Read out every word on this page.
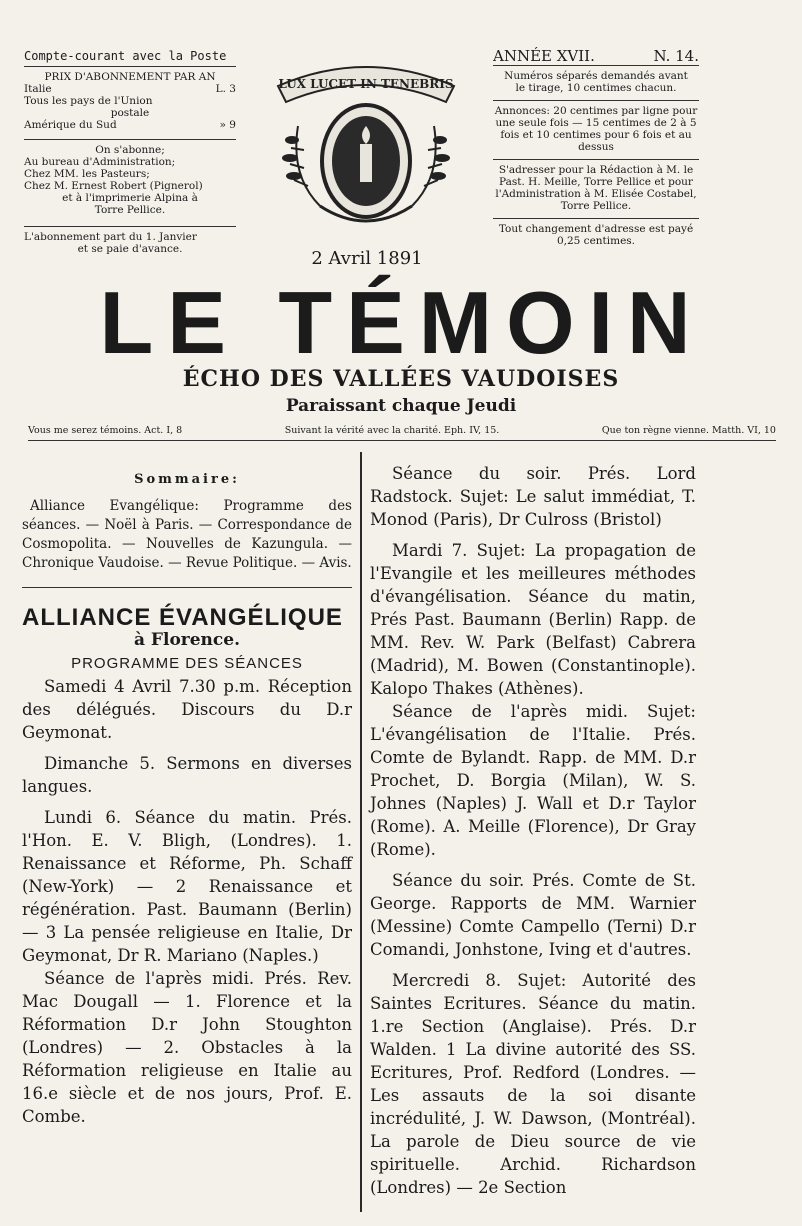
Compte-courant avec la Poste

PRIX D'ABONNEMENT PAR AN

Italie	L. 3

Tous les pays de l'Union

postale

Amérique du Sud	» 9

On s'abonne;

Au bureau d'Administration;

Chez MM. les Pasteurs;

Chez M. Ernest Robert (Pignerol)

et à l'imprimerie Alpina à

Torre Pellice.

L'abonnement part du 1. Janvier

et se paie d'avance.

LUX LUCET IN TENEBRIS
2 Avril 1891
ANNÉE XVII.	N. 14.

Numéros séparés demandés avant

le tirage, 10 centimes chacun.

Annonces: 20 centimes par ligne pour une seule fois — 15 centimes de 2 à 5 fois et 10 centimes pour 6 fois et au dessus

S'adresser pour la Rédaction à M. le Past. H. Meille, Torre Pellice et pour l'Administration à M. Elisée Costabel, Torre Pellice.

Tout changement d'adresse est payé 0,25 centimes.

LE TÉMOIN
ÉCHO DES VALLÉES VAUDOISES
Paraissant chaque Jeudi
Vous me serez témoins. Act. I, 8	Suivant la vérité avec la charité. Eph. IV, 15.	Que ton règne vienne. Matth. VI, 10
Sommaire:

Alliance Evangélique: Programme des séances. — Noël à Paris. — Correspondance de Cosmopolita. — Nouvelles de Kazungula. — Chronique Vaudoise. — Revue Politique. — Avis.

ALLIANCE ÉVANGÉLIQUE

à Florence.

PROGRAMME DES SÉANCES

Samedi 4 Avril 7.30 p.m. Réception des délégués. Discours du D.r Geymonat.

Dimanche 5. Sermons en diverses langues.

Lundi 6. Séance du matin. Prés. l'Hon. E. V. Bligh, (Londres). 1. Renaissance et Réforme, Ph. Schaff (New-York) — 2 Renaissance et régénération. Past. Baumann (Berlin) — 3 La pensée religieuse en Italie, Dr Geymonat, Dr R. Mariano (Naples.)

Séance de l'après midi. Prés. Rev. Mac Dougall — 1. Florence et la Réformation D.r John Stoughton (Londres) — 2. Obstacles à la Réformation religieuse en Italie au 16.e siècle et de nos jours, Prof. E. Combe.

Séance du soir. Prés. Lord Radstock. Sujet: Le salut immédiat, T. Monod (Paris), Dr Culross (Bristol)

Mardi 7. Sujet: La propagation de l'Evangile et les meilleures méthodes d'évangélisation. Séance du matin, Prés Past. Baumann (Berlin) Rapp. de MM. Rev. W. Park (Belfast) Cabrera (Madrid), M. Bowen (Constantinople). Kalopo Thakes (Athènes).

Séance de l'après midi. Sujet: L'évangélisation de l'Italie. Prés. Comte de Bylandt. Rapp. de MM. D.r Prochet, D. Borgia (Milan), W. S. Johnes (Naples) J. Wall et D.r Taylor (Rome). A. Meille (Florence), Dr Gray (Rome).

Séance du soir. Prés. Comte de St. George. Rapports de MM. Warnier (Messine) Comte Campello (Terni) D.r Comandi, Jonhstone, Iving et d'autres.

Mercredi 8. Sujet: Autorité des Saintes Ecritures. Séance du matin. 1.re Section (Anglaise). Prés. D.r Walden. 1 La divine autorité des SS. Ecritures, Prof. Redford (Londres. — Les assauts de la soi disante incrédulité, J. W. Dawson, (Montréal). La parole de Dieu source de vie spirituelle. Archid. Richardson (Londres) — 2e Section
